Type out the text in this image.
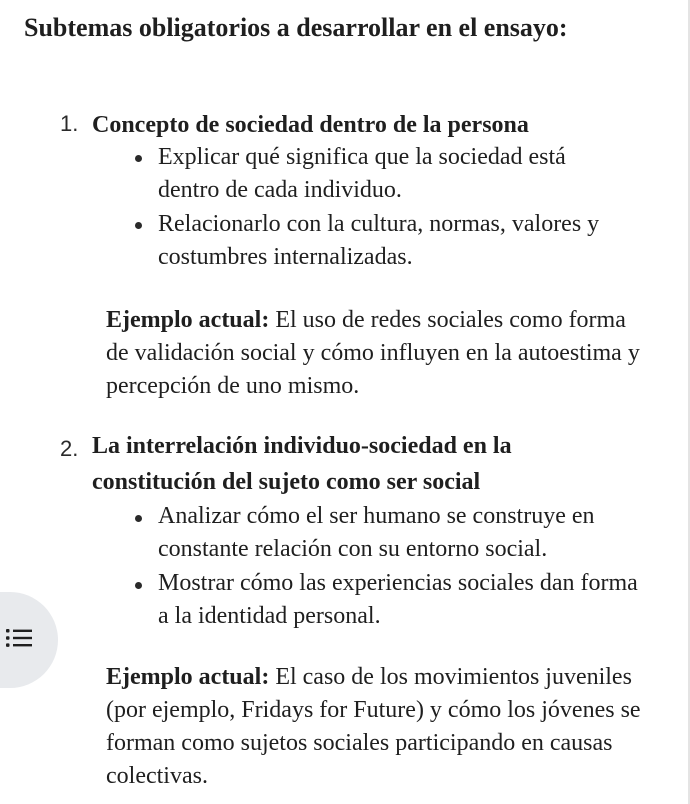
Subtemas obligatorios a desarrollar en el ensayo:
1. Concepto de sociedad dentro de la persona
Explicar qué significa que la sociedad está dentro de cada individuo.
Relacionarlo con la cultura, normas, valores y costumbres internalizadas.
Ejemplo actual: El uso de redes sociales como forma de validación social y cómo influyen en la autoestima y percepción de uno mismo.
2. La interrelación individuo-sociedad en la constitución del sujeto como ser social
Analizar cómo el ser humano se construye en constante relación con su entorno social.
Mostrar cómo las experiencias sociales dan forma a la identidad personal.
Ejemplo actual: El caso de los movimientos juveniles (por ejemplo, Fridays for Future) y cómo los jóvenes se forman como sujetos sociales participando en causas colectivas.
